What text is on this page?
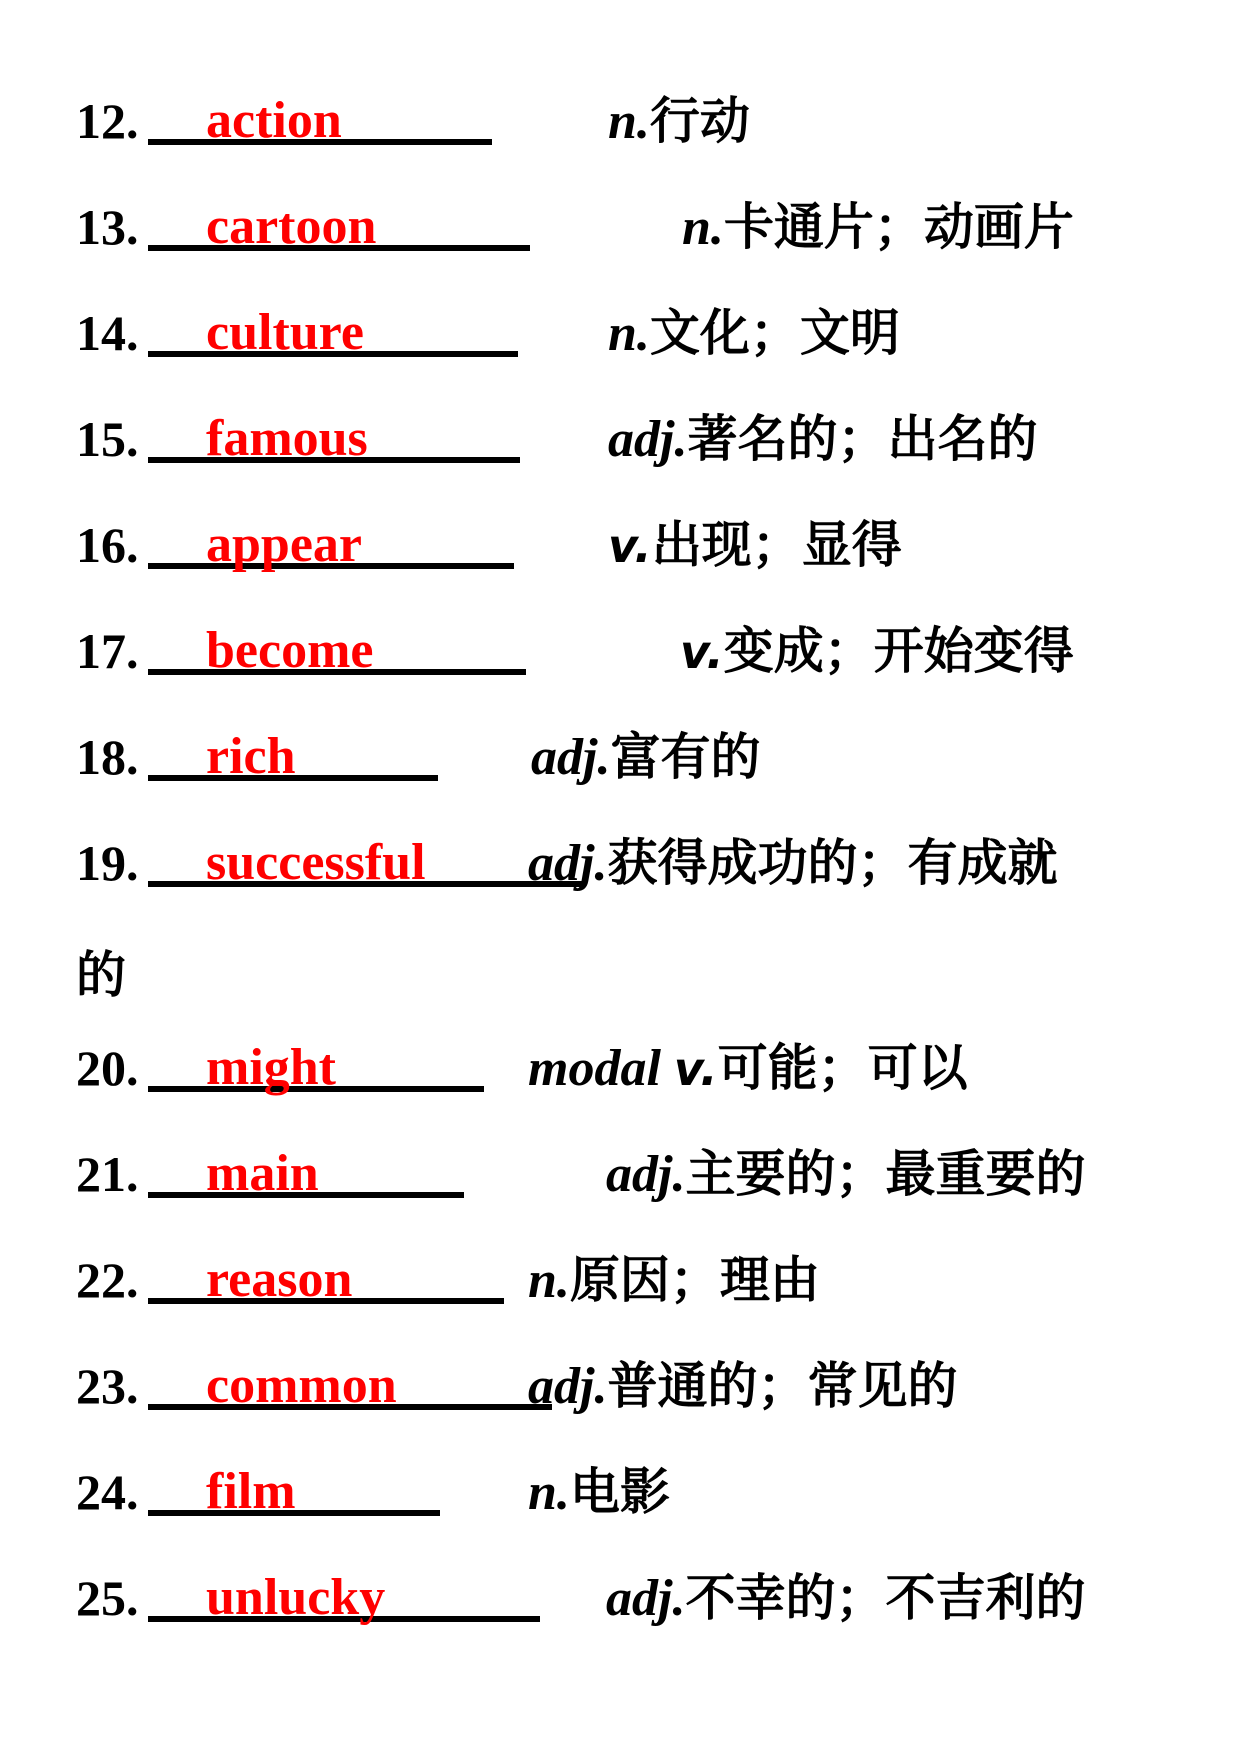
12. action	n.行动
13. cartoon	n.卡通片；动画片
14. culture	n.文化；文明
15. famous	adj.著名的；出名的
16. appear	v.出现；显得
17. become	v.变成；开始变得
18. rich	adj.富有的
19. successful adj.获得成功的；有成就
的
20. might	modal v.可能；可以
21. main	adj.主要的；最重要的
22. reason	n.原因；理由
23. common	adj.普通的；常见的
24. film	n.电影
25. unlucky	adj.不幸的；不吉利的
